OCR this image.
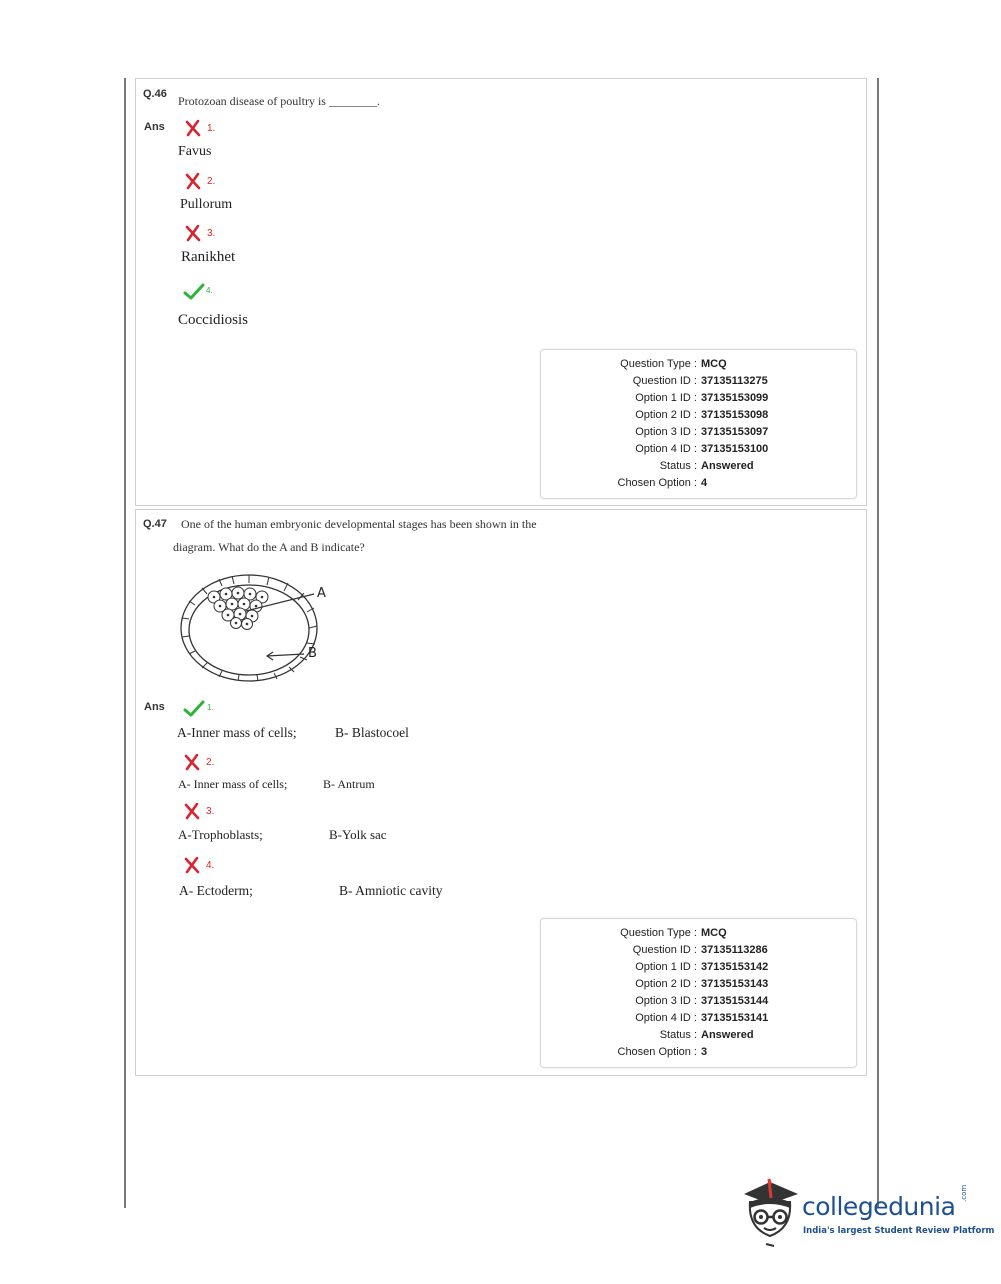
Q.46 Protozoan disease of poultry is ________.
Ans	1.
Favus
2.
Pullorum
3.
Ranikhet
4.
Coccidiosis
Question Type : MCQ
Question ID : 37135113275
Option 1 ID : 37135153099
Option 2 ID : 37135153098
Option 3 ID : 37135153097
Option 4 ID : 37135153100
Status : Answered
Chosen Option : 4
Q.47 One of the human embryonic developmental stages has been shown in the
diagram. What do the A and B indicate?
A
B
Ans	1.
A-Inner mass of cells;	B- Blastocoel
2.
A- Inner mass of cells;	B- Antrum
3.
A-Trophoblasts;	B-Yolk sac
4.
A- Ectoderm;	B- Amniotic cavity
Question Type : MCQ
Question ID : 37135113286
Option 1 ID : 37135153142
Option 2 ID : 37135153143
Option 3 ID : 37135153144
Option 4 ID : 37135153141
Status : Answered
Chosen Option : 3
collegedunia .com
India's largest Student Review Platform
